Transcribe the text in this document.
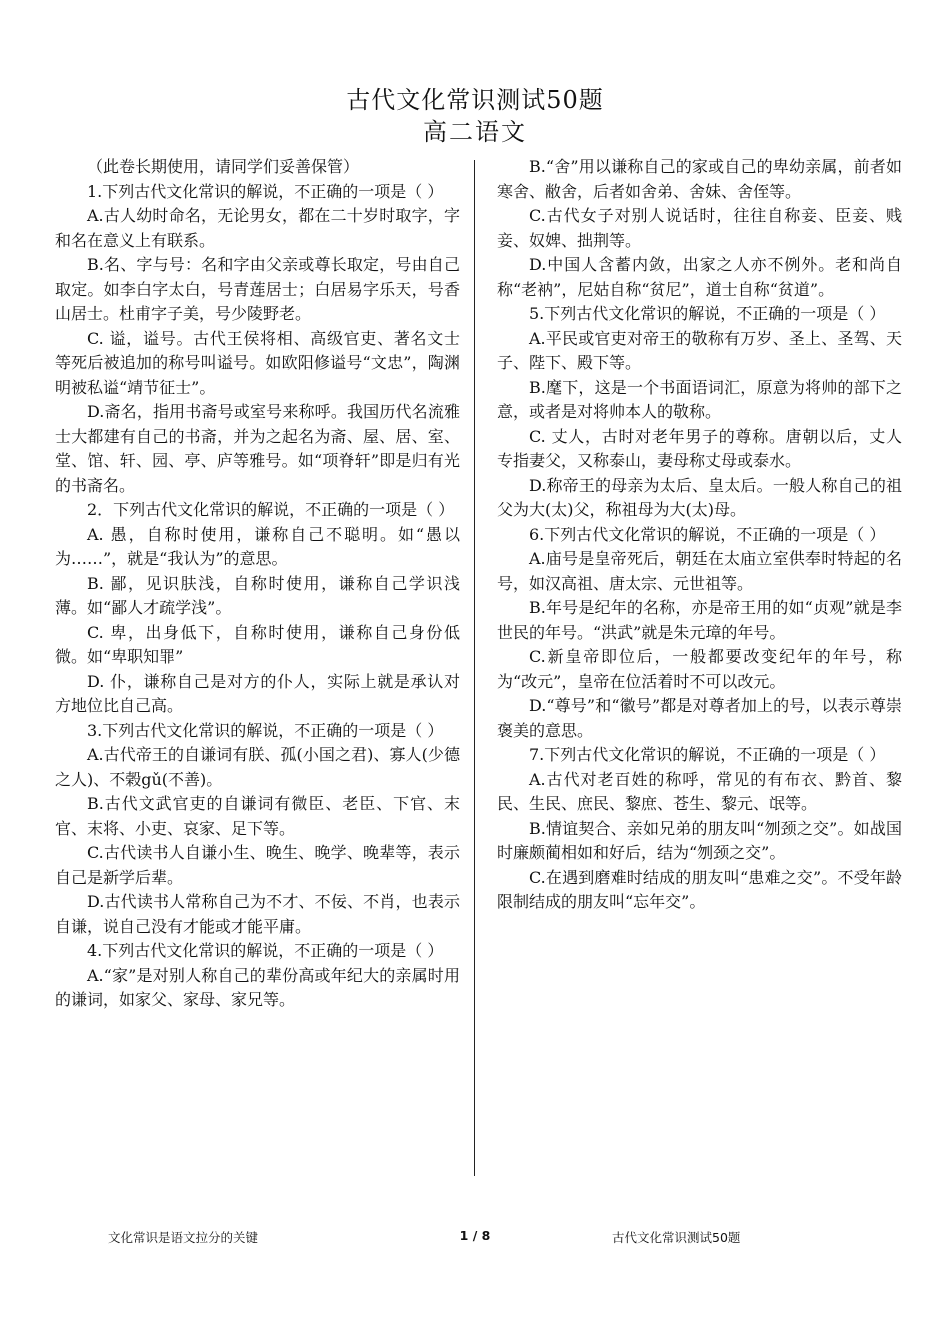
古代文化常识测试50题
高二语文

（此卷长期使用，请同学们妥善保管）

1.下列古代文化常识的解说，不正确的一项是（ ）

A.古人幼时命名，无论男女，都在二十岁时取字，字和名在意义上有联系。

B.名、字与号：名和字由父亲或尊长取定，号由自己取定。如李白字太白，号青莲居士；白居易字乐天，号香山居士。杜甫字子美，号少陵野老。

C. 谥，谥号。古代王侯将相、高级官吏、著名文士等死后被追加的称号叫谥号。如欧阳修谥号“文忠”，陶渊明被私谥“靖节征士”。

D.斋名，指用书斋号或室号来称呼。我国历代名流雅士大都建有自己的书斋，并为之起名为斋、屋、居、室、堂、馆、轩、园、亭、庐等雅号。如“项脊轩”即是归有光的书斋名。

2．下列古代文化常识的解说，不正确的一项是（ ）

A. 愚，自称时使用，谦称自己不聪明。如“愚以为……”，就是“我认为”的意思。

B. 鄙，见识肤浅，自称时使用，谦称自己学识浅薄。如“鄙人才疏学浅”。

C. 卑，出身低下，自称时使用，谦称自己身份低微。如“卑职知罪”

D. 仆，谦称自己是对方的仆人，实际上就是承认对方地位比自己高。

3.下列古代文化常识的解说，不正确的一项是（ ）

A.古代帝王的自谦词有朕、孤(小国之君)、寡人(少德之人)、不榖gǔ(不善)。

B.古代文武官吏的自谦词有微臣、老臣、下官、末官、末将、小吏、哀家、足下等。

C.古代读书人自谦小生、晚生、晚学、晚辈等，表示自己是新学后辈。

D.古代读书人常称自己为不才、不佞、不肖，也表示自谦，说自己没有才能或才能平庸。

4.下列古代文化常识的解说，不正确的一项是（ ）

A.“家”是对别人称自己的辈份高或年纪大的亲属时用的谦词，如家父、家母、家兄等。

B.“舍”用以谦称自己的家或自己的卑幼亲属，前者如寒舍、敝舍，后者如舍弟、舍妹、舍侄等。

C.古代女子对别人说话时，往往自称妾、臣妾、贱妾、奴婢、拙荆等。

D.中国人含蓄内敛，出家之人亦不例外。老和尚自称“老衲”，尼姑自称“贫尼”，道士自称“贫道”。

5.下列古代文化常识的解说，不正确的一项是（ ）

A.平民或官吏对帝王的敬称有万岁、圣上、圣驾、天子、陛下、殿下等。

B.麾下，这是一个书面语词汇，原意为将帅的部下之意，或者是对将帅本人的敬称。

C. 丈人，古时对老年男子的尊称。唐朝以后，丈人专指妻父，又称泰山，妻母称丈母或泰水。

D.称帝王的母亲为太后、皇太后。一般人称自己的祖父为大(太)父，称祖母为大(太)母。

6.下列古代文化常识的解说，不正确的一项是（ ）

A.庙号是皇帝死后，朝廷在太庙立室供奉时特起的名号，如汉高祖、唐太宗、元世祖等。

B.年号是纪年的名称，亦是帝王用的如“贞观”就是李世民的年号。“洪武”就是朱元璋的年号。

C.新皇帝即位后，一般都要改变纪年的年号，称为“改元”，皇帝在位活着时不可以改元。

D.“尊号”和“徽号”都是对尊者加上的号，以表示尊崇褒美的意思。

7.下列古代文化常识的解说，不正确的一项是（ ）

A.古代对老百姓的称呼，常见的有布衣、黔首、黎民、生民、庶民、黎庶、苍生、黎元、氓等。

B.情谊契合、亲如兄弟的朋友叫“刎颈之交”。如战国时廉颇蔺相如和好后，结为“刎颈之交”。

C.在遇到磨难时结成的朋友叫“患难之交”。不受年龄限制结成的朋友叫“忘年交”。

文化常识是语文拉分的关键	1 / 8	古代文化常识测试50题
